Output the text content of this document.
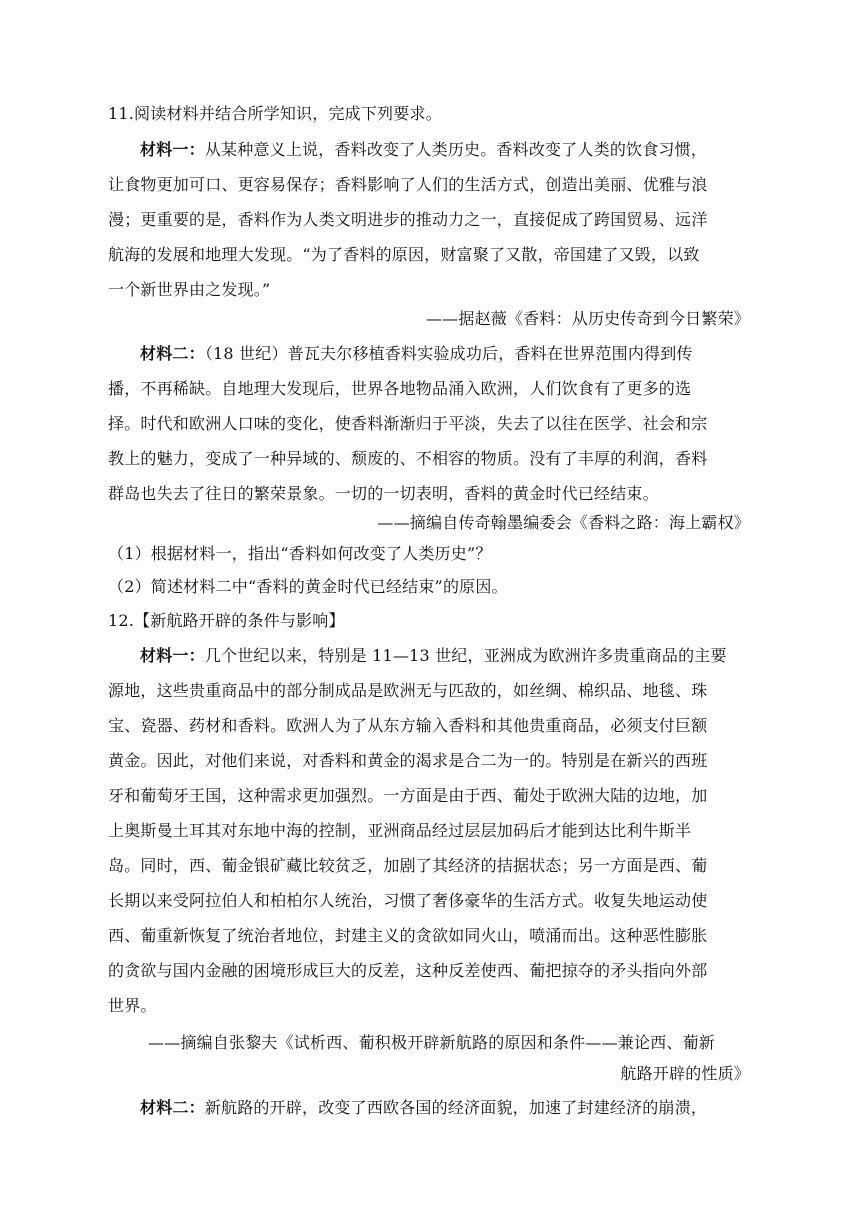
11.阅读材料并结合所学知识，完成下列要求。
材料一：从某种意义上说，香料改变了人类历史。香料改变了人类的饮食习惯，
让食物更加可口、更容易保存；香料影响了人们的生活方式，创造出美丽、优雅与浪
漫；更重要的是，香料作为人类文明进步的推动力之一，直接促成了跨国贸易、远洋
航海的发展和地理大发现。“为了香料的原因，财富聚了又散，帝国建了又毁，以致
一个新世界由之发现。”
——据赵薇《香料：从历史传奇到今日繁荣》
材料二：（18 世纪）普瓦夫尔移植香料实验成功后，香料在世界范围内得到传
播，不再稀缺。自地理大发现后，世界各地物品涌入欧洲，人们饮食有了更多的选
择。时代和欧洲人口味的变化，使香料渐渐归于平淡，失去了以往在医学、社会和宗
教上的魅力，变成了一种异域的、颓废的、不相容的物质。没有了丰厚的利润，香料
群岛也失去了往日的繁荣景象。一切的一切表明，香料的黄金时代已经结束。
——摘编自传奇翰墨编委会《香料之路：海上霸权》
（1）根据材料一，指出“香料如何改变了人类历史”？
（2）简述材料二中“香料的黄金时代已经结束”的原因。
12.【新航路开辟的条件与影响】
材料一：几个世纪以来，特别是 11—13 世纪，亚洲成为欧洲许多贵重商品的主要
源地，这些贵重商品中的部分制成品是欧洲无与匹敌的，如丝绸、棉织品、地毯、珠
宝、瓷器、药材和香料。欧洲人为了从东方输入香料和其他贵重商品，必须支付巨额
黄金。因此，对他们来说，对香料和黄金的渴求是合二为一的。特别是在新兴的西班
牙和葡萄牙王国，这种需求更加强烈。一方面是由于西、葡处于欧洲大陆的边地，加
上奥斯曼土耳其对东地中海的控制，亚洲商品经过层层加码后才能到达比利牛斯半
岛。同时，西、葡金银矿藏比较贫乏，加剧了其经济的拮据状态；另一方面是西、葡
长期以来受阿拉伯人和柏柏尔人统治，习惯了奢侈豪华的生活方式。收复失地运动使
西、葡重新恢复了统治者地位，封建主义的贪欲如同火山，喷涌而出。这种恶性膨胀
的贪欲与国内金融的困境形成巨大的反差，这种反差使西、葡把掠夺的矛头指向外部
世界。
——摘编自张黎夫《试析西、葡积极开辟新航路的原因和条件——兼论西、葡新
航路开辟的性质》
材料二：新航路的开辟，改变了西欧各国的经济面貌，加速了封建经济的崩溃，
